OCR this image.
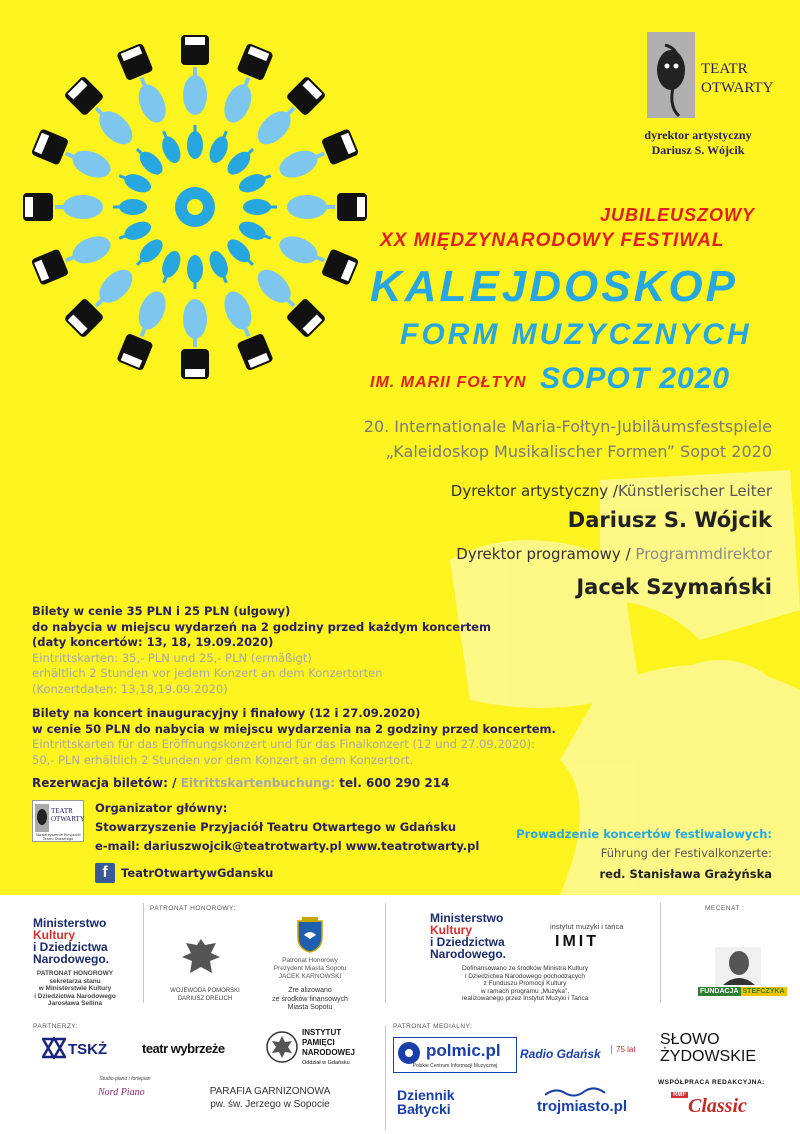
TEATR
OTWARTY
dyrektor artystyczny
Dariusz S. Wójcik
JUBILEUSZOWY
XX MIĘDZYNARODOWY FESTIWAL
KALEJDOSKOP
FORM MUZYCZNYCH
IM. MARII FOŁTYN SOPOT 2020
20. Internationale Maria-Fołtyn-Jubiläumsfestspiele
„Kaleidoskop Musikalischer Formen” Sopot 2020
Dyrektor artystyczny /Künstlerischer Leiter
Dariusz S. Wójcik
Dyrektor programowy / Programmdirektor
Jacek Szymański
Bilety w cenie 35 PLN i 25 PLN (ulgowy)
do nabycia w miejscu wydarzeń na 2 godziny przed każdym koncertem
(daty koncertów: 13, 18, 19.09.2020)
Eintrittskarten: 35,- PLN und 25,- PLN (ermäßigt)
erhältlich 2 Stunden vor jedem Konzert an dem Konzertorten
(Konzertdaten: 13,18,19.09.2020)
Bilety na koncert inauguracyjny i finałowy (12 i 27.09.2020)
w cenie 50 PLN do nabycia w miejscu wydarzenia na 2 godziny przed koncertem.
Eintrittskarten für das Eröffnungskonzert und für das Finalkonzert (12 und 27.09.2020):
50,- PLN erhältlich 2 Stunden vor dem Konzert an dem Konzertort.
Rezerwacja biletów: / Eitrittskartenbuchung: tel. 600 290 214
TEATR
OTWARTY
Stowarzyszenie Przyjaciół Teatru Otwartego
Organizator główny:
Stowarzyszenie Przyjaciół Teatru Otwartego w Gdańsku
e-mail: dariuszwojcik@teatrotwarty.pl www.teatrotwarty.pl
f	TeatrOtwartywGdansku
Prowadzenie koncertów festiwalowych:
Führung der Festivalkonzerte:
red. Stanisława Grażyńska
PATRONAT HONOROWY:	MECENAT :
PARTNERZY:	PATRONAT MEDIALNY:
Ministerstwo
Kultury
i Dziedzictwa
Narodowego.
PATRONAT HONOROWY
sekretarza stanu
w Ministerstwie Kultury
i Dziedzictwa Narodowego
Jarosława Sellina
WOJEWODA POMORSKI
DARIUSZ DRELICH
Patronat Honorowy
Prezydent Miasta Sopotu
JACEK KARNOWSKI
Zre alizowano
ze środków finansowych
Miasta Sopotu
Ministerstwo
Kultury
i Dziedzictwa
Narodowego.
instytut muzyki i tańca
IMIT
Dofinansowano ze środków Ministra Kultury
i Dziedzictwa Narodowego pochodzących
z Funduszu Promocji Kultury
w ramach programu „Muzyka",
realizowanego przez Instytut Muzyki i Tańca
FUNDACJA STEFCZYKA
TSKŻ	teatr wybrzeże
INSTYTUT
PAMIĘCI
NARODOWEJ
Oddział w Gdańsku
Studio piano i fortepian
Nord Piano	PARAFIA GARNIZONOWA
pw. św. Jerzego w Sopocie
polmic.pl
Polskie Centrum Informacji Muzycznej
Radio Gdańsk	75 lat
SŁOWO
ŻYDOWSKIE
Dziennik
Bałtycki	trojmiasto.pl
WSPÓŁPRACA REDAKCYJNA:
RMF Classic
